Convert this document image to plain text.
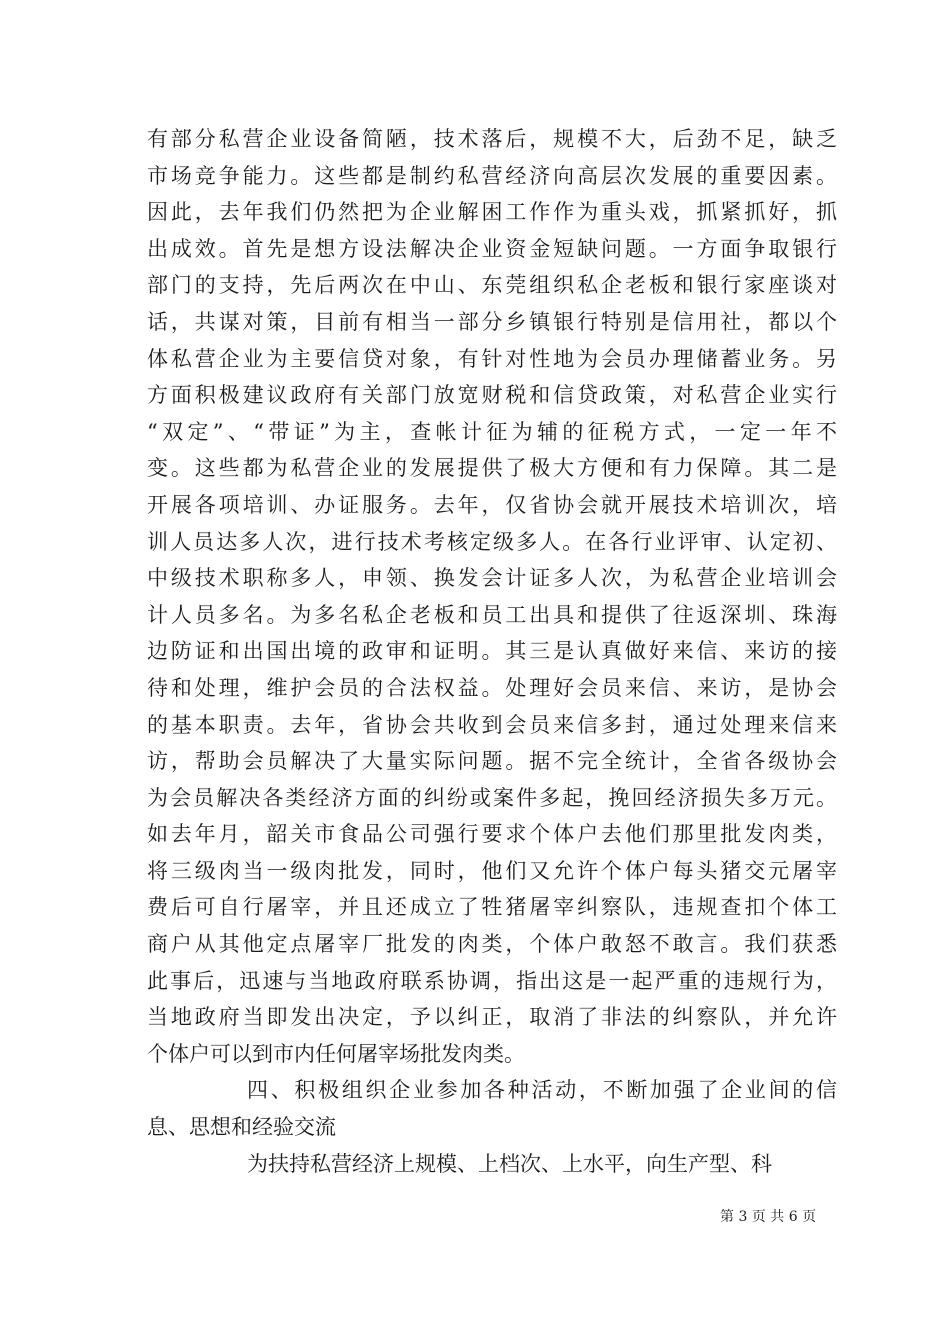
有部分私营企业设备简陋，技术落后，规模不大，后劲不足，缺乏
市场竞争能力。这些都是制约私营经济向高层次发展的重要因素。
因此，去年我们仍然把为企业解困工作作为重头戏，抓紧抓好，抓
出成效。首先是想方设法解决企业资金短缺问题。一方面争取银行
部门的支持，先后两次在中山、东莞组织私企老板和银行家座谈对
话，共谋对策，目前有相当一部分乡镇银行特别是信用社，都以个
体私营企业为主要信贷对象，有针对性地为会员办理储蓄业务。另
方面积极建议政府有关部门放宽财税和信贷政策，对私营企业实行
“双定”、“带证”为主，查帐计征为辅的征税方式，一定一年不
变。这些都为私营企业的发展提供了极大方便和有力保障。其二是
开展各项培训、办证服务。去年，仅省协会就开展技术培训次，培
训人员达多人次，进行技术考核定级多人。在各行业评审、认定初、
中级技术职称多人，申领、换发会计证多人次，为私营企业培训会
计人员多名。为多名私企老板和员工出具和提供了往返深圳、珠海
边防证和出国出境的政审和证明。其三是认真做好来信、来访的接
待和处理，维护会员的合法权益。处理好会员来信、来访，是协会
的基本职责。去年，省协会共收到会员来信多封，通过处理来信来
访，帮助会员解决了大量实际问题。据不完全统计，全省各级协会
为会员解决各类经济方面的纠纷或案件多起，挽回经济损失多万元。
如去年月，韶关市食品公司强行要求个体户去他们那里批发肉类，
将三级肉当一级肉批发，同时，他们又允许个体户每头猪交元屠宰
费后可自行屠宰，并且还成立了牲猪屠宰纠察队，违规查扣个体工
商户从其他定点屠宰厂批发的肉类，个体户敢怒不敢言。我们获悉
此事后，迅速与当地政府联系协调，指出这是一起严重的违规行为，
当地政府当即发出决定，予以纠正，取消了非法的纠察队，并允许
个体户可以到市内任何屠宰场批发肉类。
四、积极组织企业参加各种活动，不断加强了企业间的信
息、思想和经验交流
为扶持私营经济上规模、上档次、上水平，向生产型、科
第 3 页 共 6 页
